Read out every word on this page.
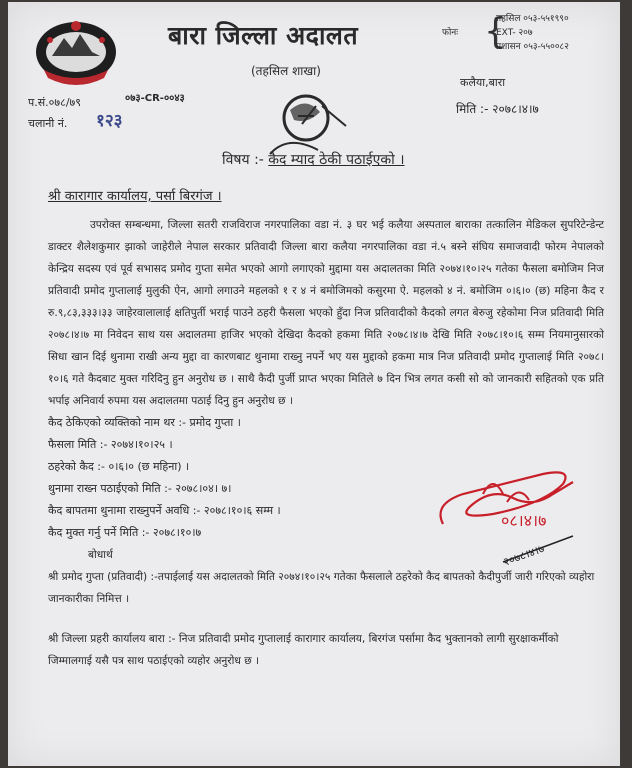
बारा जिल्ला अदालत
(तहसिल शाखा)
फोनः {
तहसिल ०५३-५५१९९०
EXT- २०७
प्रशासन ०५३-५५००८२
प.सं.०७८/७९	०७३-CR-००४३
चलानी नं. १२३
कलैया,बारा
मिति :- २०७८।४।७
विषय :- कैद म्याद ठेकी पठाईएको ।
श्री कारागार कार्यालय, पर्सा बिरगंज ।
उपरोक्त सम्बन्धमा, जिल्ला सतरी राजविराज नगरपालिका वडा नं. ३ घर भई कलैया अस्पताल बाराका तत्कालिन मेडिकल सुपरिटेन्डेन्ट डाक्टर शैलेशकुमार झाको जाहेरीले नेपाल सरकार प्रतिवादी जिल्ला बारा कलैया नगरपालिका वडा नं.५ बस्ने संघिय समाजवादी फोरम नेपालको केन्द्रिय सदस्य एवं पूर्व सभासद प्रमोद गुप्ता समेत भएको आगो लगाएको मुद्दामा यस अदालतका मिति २०७४।१०।२५ गतेका फैसला बमोजिम निज प्रतिवादी प्रमोद गुप्तालाई मुलुकी ऐन, आगो लगाउने महलको १ र ४ नं बमोजिमको कसुरमा ऐ. महलको ४ नं. बमोजिम ०।६।० (छ) महिना कैद र रु.९,८३,३३३।३३ जाहेरवालालाई क्षतिपुर्ती भराई पाउने ठहरी फैसला भएको हुँदा निज प्रतिवादीको कैदको लगत बेरुजु रहेकोमा निज प्रतिवादी मिति २०७८।४।७ मा निवेदन साथ यस अदालतमा हाजिर भएको देखिदा कैदको हकमा मिति २०७८।४।७ देखि मिति २०७८।१०।६ सम्म नियमानुसारको सिधा खान दिई थुनामा राखी अन्य मुद्दा वा कारणबाट थुनामा राख्नु नपर्ने भए यस मुद्दाको हकमा मात्र निज प्रतिवादी प्रमोद गुप्तालाई मिति २०७८।१०।६ गते कैदबाट मुक्त गरिदिनु हुन अनुरोध छ । साथै कैदी पुर्जी प्राप्त भएका मितिले ७ दिन भित्र लगत कसी सो को जानकारी सहितको एक प्रति भर्पाइ अनिवार्य रुपमा यस अदालतमा पठाई दिनु हुन अनुरोध छ ।
कैद ठेकिएको व्यक्तिको नाम थर :- प्रमोद गुप्ता ।
फैसला मिति :- २०७४।१०।२५ ।
ठहरेको कैद :- ०।६।० (छ महिना) ।
थुनामा राख्न पठाईएको मिति :- २०७८।०४। ७।
कैद बापतमा थुनामा राख्नुपर्ने अवधि :- २०७८।१०।६ सम्म ।
कैद मुक्त गर्नु पर्ने मिति :- २०७८।१०।७
बोधार्थ
श्री प्रमोद गुप्ता (प्रतिवादी) :-तपाईलाई यस अदालतको मिति २०७४।१०।२५ गतेका फैसलाले ठहरेको कैद बापतको कैदीपुर्जी जारी गरिएको व्यहोरा जानकारीका निमित्त ।
श्री जिल्ला प्रहरी कार्यालय बारा :- निज प्रतिवादी प्रमोद गुप्तालाई कारागार कार्यालय, बिरगंज पर्सामा कैद भुक्तानको लागी सुरक्षाकर्मीको जिम्मालगाई यसै पत्र साथ पठाईएको व्यहोर अनुरोध छ ।
०८।४।७
२०७८।४।७
